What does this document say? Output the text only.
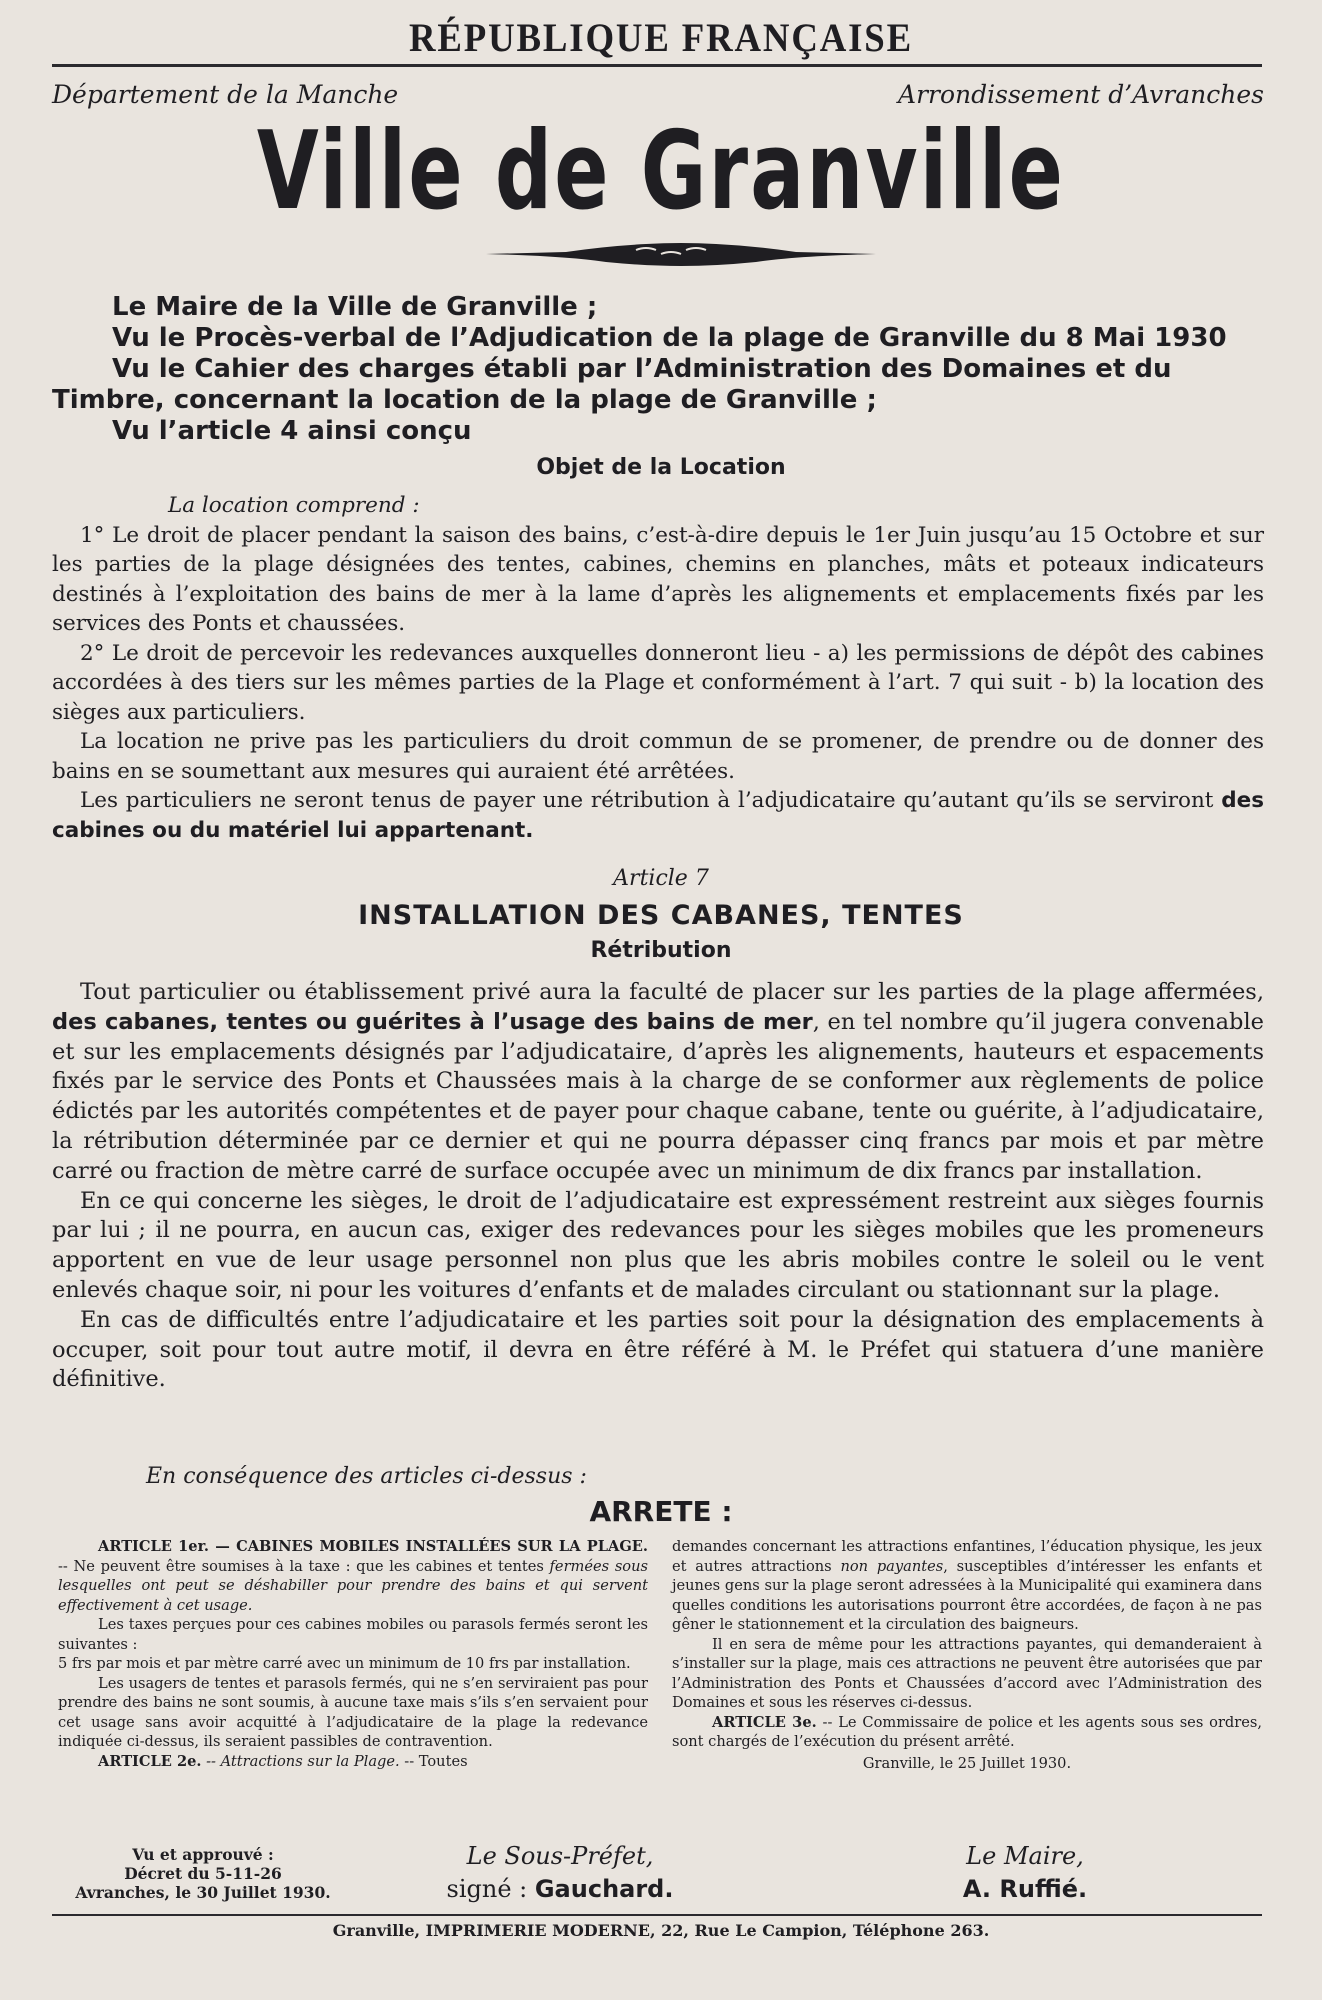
RÉPUBLIQUE FRANÇAISE
Département de la Manche	Arrondissement d’Avranches
Ville de Granville
Le Maire de la Ville de Granville ;
Vu le Procès-verbal de l’Adjudication de la plage de Granville du 8 Mai 1930
Vu le Cahier des charges établi par l’Administration des Domaines et du Timbre, concernant la location de la plage de Granville ;
Vu l’article 4 ainsi conçu
Objet de la Location

La location comprend :

1° Le droit de placer pendant la saison des bains, c’est-à-dire depuis le 1er Juin jusqu’au 15 Octobre et sur les parties de la plage désignées des tentes, cabines, chemins en planches, mâts et poteaux indicateurs destinés à l’exploitation des bains de mer à la lame d’après les alignements et emplacements fixés par les services des Ponts et chaussées.

2° Le droit de percevoir les redevances auxquelles donneront lieu - a) les permissions de dépôt des cabines accordées à des tiers sur les mêmes parties de la Plage et conformément à l’art. 7 qui suit - b) la location des sièges aux particuliers.

La location ne prive pas les particuliers du droit commun de se promener, de prendre ou de donner des bains en se soumettant aux mesures qui auraient été arrêtées.

Les particuliers ne seront tenus de payer une rétribution à l’adjudicataire qu’autant qu’ils se serviront des cabines ou du matériel lui appartenant.

Article 7
INSTALLATION DES CABANES, TENTES
Rétribution

Tout particulier ou établissement privé aura la faculté de placer sur les parties de la plage affermées, des cabanes, tentes ou guérites à l’usage des bains de mer, en tel nombre qu’il jugera convenable et sur les emplacements désignés par l’adjudicataire, d’après les alignements, hauteurs et espacements fixés par le service des Ponts et Chaussées mais à la charge de se conformer aux règlements de police édictés par les autorités compétentes et de payer pour chaque cabane, tente ou guérite, à l’adjudicataire, la rétribution déterminée par ce dernier et qui ne pourra dépasser cinq francs par mois et par mètre carré ou fraction de mètre carré de surface occupée avec un minimum de dix francs par installation.

En ce qui concerne les sièges, le droit de l’adjudicataire est expressément restreint aux sièges fournis par lui ; il ne pourra, en aucun cas, exiger des redevances pour les sièges mobiles que les promeneurs apportent en vue de leur usage personnel non plus que les abris mobiles contre le soleil ou le vent enlevés chaque soir, ni pour les voitures d’enfants et de malades circulant ou stationnant sur la plage.

En cas de difficultés entre l’adjudicataire et les parties soit pour la désignation des emplacements à occuper, soit pour tout autre motif, il devra en être référé à M. le Préfet qui statuera d’une manière définitive.

En conséquence des articles ci-dessus :
ARRETE :

ARTICLE 1er. — CABINES MOBILES INSTALLÉES SUR LA PLAGE. -- Ne peuvent être soumises à la taxe : que les cabines et tentes fermées sous lesquelles ont peut se déshabiller pour prendre des bains et qui servent effectivement à cet usage.

Les taxes perçues pour ces cabines mobiles ou parasols fermés seront les suivantes :

5 frs par mois et par mètre carré avec un minimum de 10 frs par installation.

Les usagers de tentes et parasols fermés, qui ne s’en serviraient pas pour prendre des bains ne sont soumis, à aucune taxe mais s’ils s’en servaient pour cet usage sans avoir acquitté à l’adjudicataire de la plage la redevance indiquée ci-dessus, ils seraient passibles de contravention.

ARTICLE 2e. -- Attractions sur la Plage. -- Toutes

demandes concernant les attractions enfantines, l’éducation physique, les jeux et autres attractions non payantes, susceptibles d’intéresser les enfants et jeunes gens sur la plage seront adressées à la Municipalité qui examinera dans quelles conditions les autorisations pourront être accordées, de façon à ne pas gêner le stationnement et la circulation des baigneurs.

Il en sera de même pour les attractions payantes, qui demanderaient à s’installer sur la plage, mais ces attractions ne peuvent être autorisées que par l’Administration des Ponts et Chaussées d’accord avec l’Administration des Domaines et sous les réserves ci-dessus.

ARTICLE 3e. -- Le Commissaire de police et les agents sous ses ordres, sont chargés de l’exécution du présent arrêté.

Granville, le 25 Juillet 1930.
Vu et approuvé :
Décret du 5-11-26
Avranches, le 30 Juillet 1930.
Le Sous-Préfet,
signé : Gauchard.
Le Maire,
A. Ruffié.
Granville, IMPRIMERIE MODERNE, 22, Rue Le Campion, Téléphone 263.
